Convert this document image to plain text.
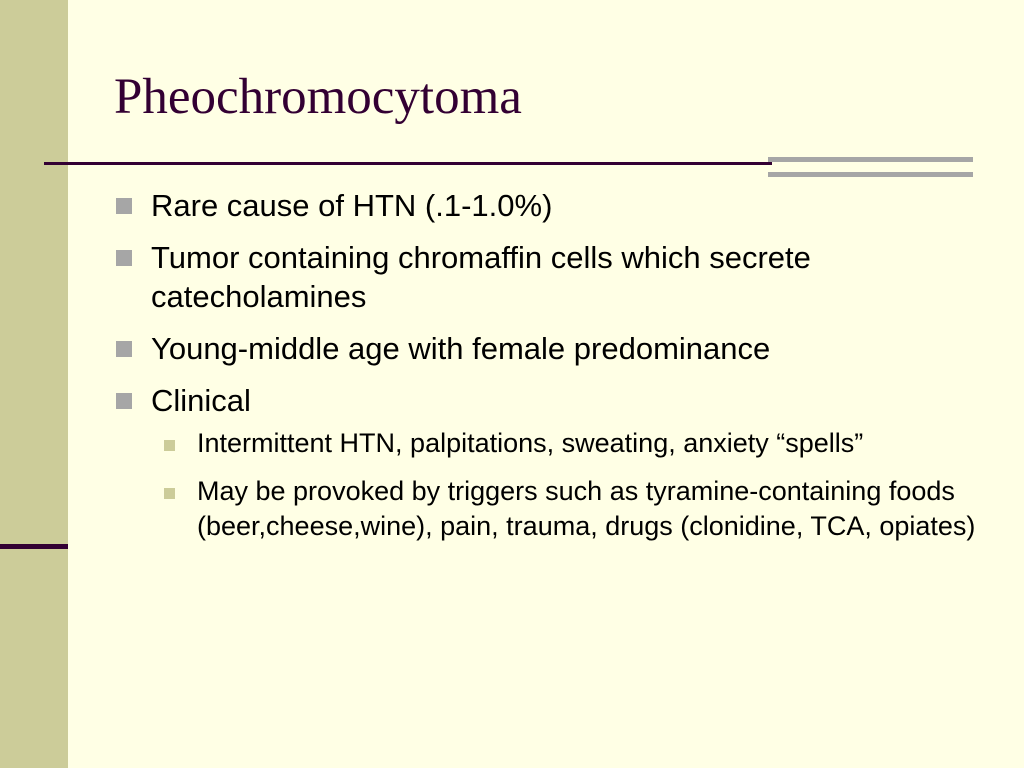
Pheochromocytoma
Rare cause of HTN (.1-1.0%)
Tumor containing chromaffin cells which secrete catecholamines
Young-middle age with female predominance
Clinical
Intermittent HTN, palpitations, sweating, anxiety “spells”
May be provoked by triggers such as tyramine-containing foods (beer,cheese,wine), pain, trauma, drugs (clonidine, TCA, opiates)
